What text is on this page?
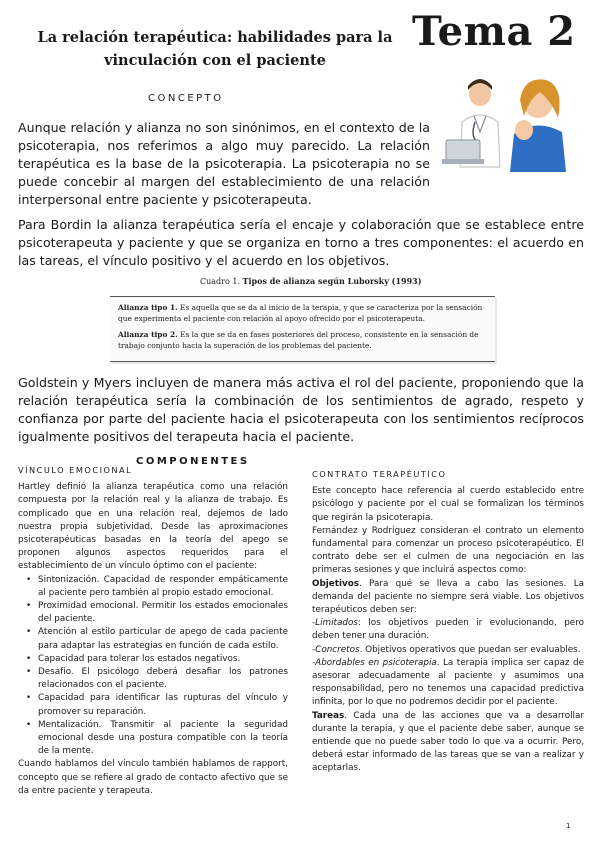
La relación terapéutica: habilidades para la vinculación con el paciente
Tema 2
CONCEPTO

Aunque relación y alianza no son sinónimos, en el contexto de la psicoterapia, nos referimos a algo muy parecido. La relación terapéutica es la base de la psicoterapia. La psicoterapia no se puede concebir al margen del establecimiento de una relación interpersonal entre paciente y psicoterapeuta.

Para Bordin la alianza terapéutica sería el encaje y colaboración que se establece entre psicoterapeuta y paciente y que se organiza en torno a tres componentes: el acuerdo en las tareas, el vínculo positivo y el acuerdo en los objetivos.

Cuadro 1. Tipos de alianza según Luborsky (1993)
Alianza tipo 1. Es aquella que se da al inicio de la terapia, y que se caracteriza por la sensación que experimenta el paciente con relación al apoyo ofrecido por el psicoterapeuta.
Alianza tipo 2. Es la que se da en fases posteriores del proceso, consistente en la sensación de trabajo conjunto hacia la superación de los problemas del paciente.

Goldstein y Myers incluyen de manera más activa el rol del paciente, proponiendo que la relación terapéutica sería la combinación de los sentimientos de agrado, respeto y confianza por parte del paciente hacia el psicoterapeuta con los sentimientos recíprocos igualmente positivos del terapeuta hacia el paciente.

COMPONENTES
VÍNCULO EMOCIONAL

Hartley definió la alianza terapéutica como una relación compuesta por la relación real y la alianza de trabajo. Es complicado que en una relación real, dejemos de lado nuestra propia subjetividad. Desde las aproximaciones psicoterapéuticas basadas en la teoría del apego se proponen algunos aspectos requeridos para el establecimiento de un vínculo óptimo con el paciente:

• Sintonización. Capacidad de responder empáticamente al paciente pero también al propio estado emocional.
• Proximidad emocional. Permitir los estados emocionales del paciente.
• Atención al estilo particular de apego de cada paciente para adaptar las estrategias en función de cada estilo.
• Capacidad para tolerar los estados negativos.
• Desafío. El psicólogo deberá desafiar los patrones relacionados con el paciente.
• Capacidad para identificar las rupturas del vínculo y promover su reparación.
• Mentalización. Transmitir al paciente la seguridad emocional desde una postura compatible con la teoría de la mente.

Cuando hablamos del vínculo también hablamos de rapport, concepto que se refiere al grado de contacto afectivo que se da entre paciente y terapeuta.

CONTRATO TERAPÉUTICO

Este concepto hace referencia al cuerdo establecido entre psicólogo y paciente por el cual se formalizan los términos que regirán la psicoterapia.

Fernández y Rodríguez consideran el contrato un elemento fundamental para comenzar un proceso psicoterapéutico. El contrato debe ser el culmen de una negociación en las primeras sesiones y que incluirá aspectos como:

Objetivos. Para qué se lleva a cabo las sesiones. La demanda del paciente no siempre será viable. Los objetivos terapéuticos deben ser:

-Limitados: los objetivos pueden ir evolucionando, pero deben tener una duración.

-Concretos. Objetivos operativos que puedan ser evaluables.

-Abordables en psicoterapia. La terapia implica ser capaz de asesorar adecuadamente al paciente y asumimos una responsabilidad, pero no tenemos una capacidad predictiva infinita, por lo que no podremos decidir por el paciente.

Tareas. Cada una de las acciones que va a desarrollar durante la terapia, y que el paciente debe saber, aunque se entiende que no puede saber todo lo que va a ocurrir. Pero, deberá estar informado de las tareas que se van a realizar y aceptarlas.

1
